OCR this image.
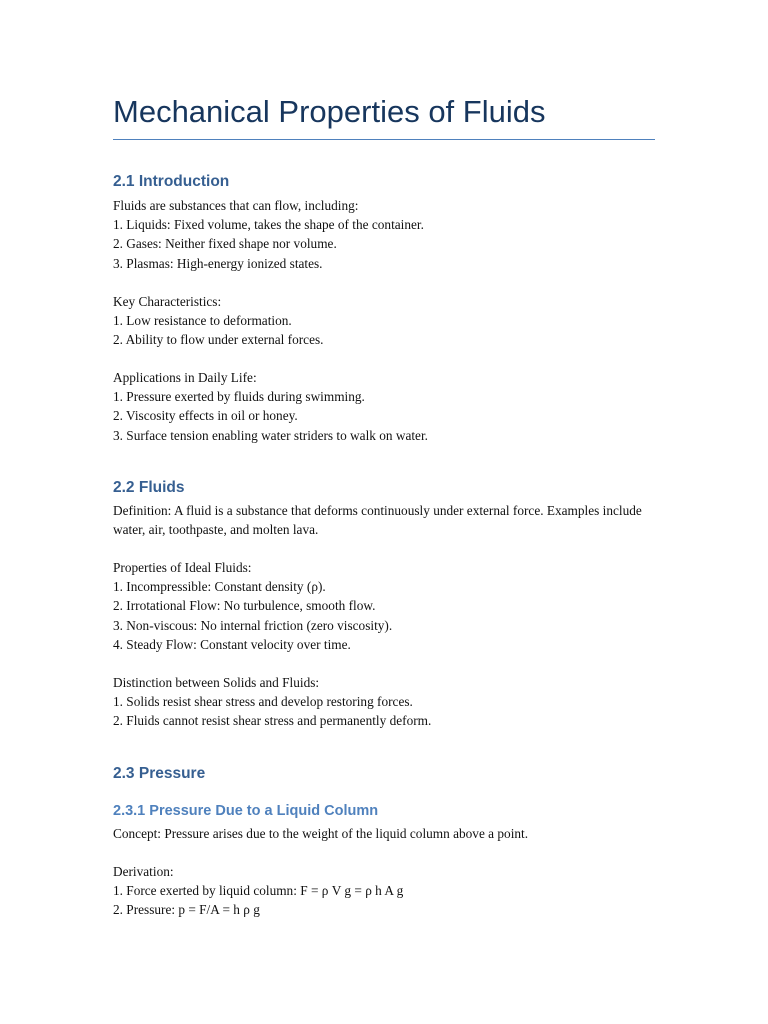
Mechanical Properties of Fluids
2.1 Introduction
Fluids are substances that can flow, including:
1. Liquids: Fixed volume, takes the shape of the container.
2. Gases: Neither fixed shape nor volume.
3. Plasmas: High-energy ionized states.
Key Characteristics:
1. Low resistance to deformation.
2. Ability to flow under external forces.
Applications in Daily Life:
1. Pressure exerted by fluids during swimming.
2. Viscosity effects in oil or honey.
3. Surface tension enabling water striders to walk on water.
2.2 Fluids
Definition: A fluid is a substance that deforms continuously under external force. Examples include water, air, toothpaste, and molten lava.
Properties of Ideal Fluids:
1. Incompressible: Constant density (ρ).
2. Irrotational Flow: No turbulence, smooth flow.
3. Non-viscous: No internal friction (zero viscosity).
4. Steady Flow: Constant velocity over time.
Distinction between Solids and Fluids:
1. Solids resist shear stress and develop restoring forces.
2. Fluids cannot resist shear stress and permanently deform.
2.3 Pressure
2.3.1 Pressure Due to a Liquid Column
Concept: Pressure arises due to the weight of the liquid column above a point.
Derivation:
1. Force exerted by liquid column: F = ρ V g = ρ h A g
2. Pressure: p = F/A = h ρ g
